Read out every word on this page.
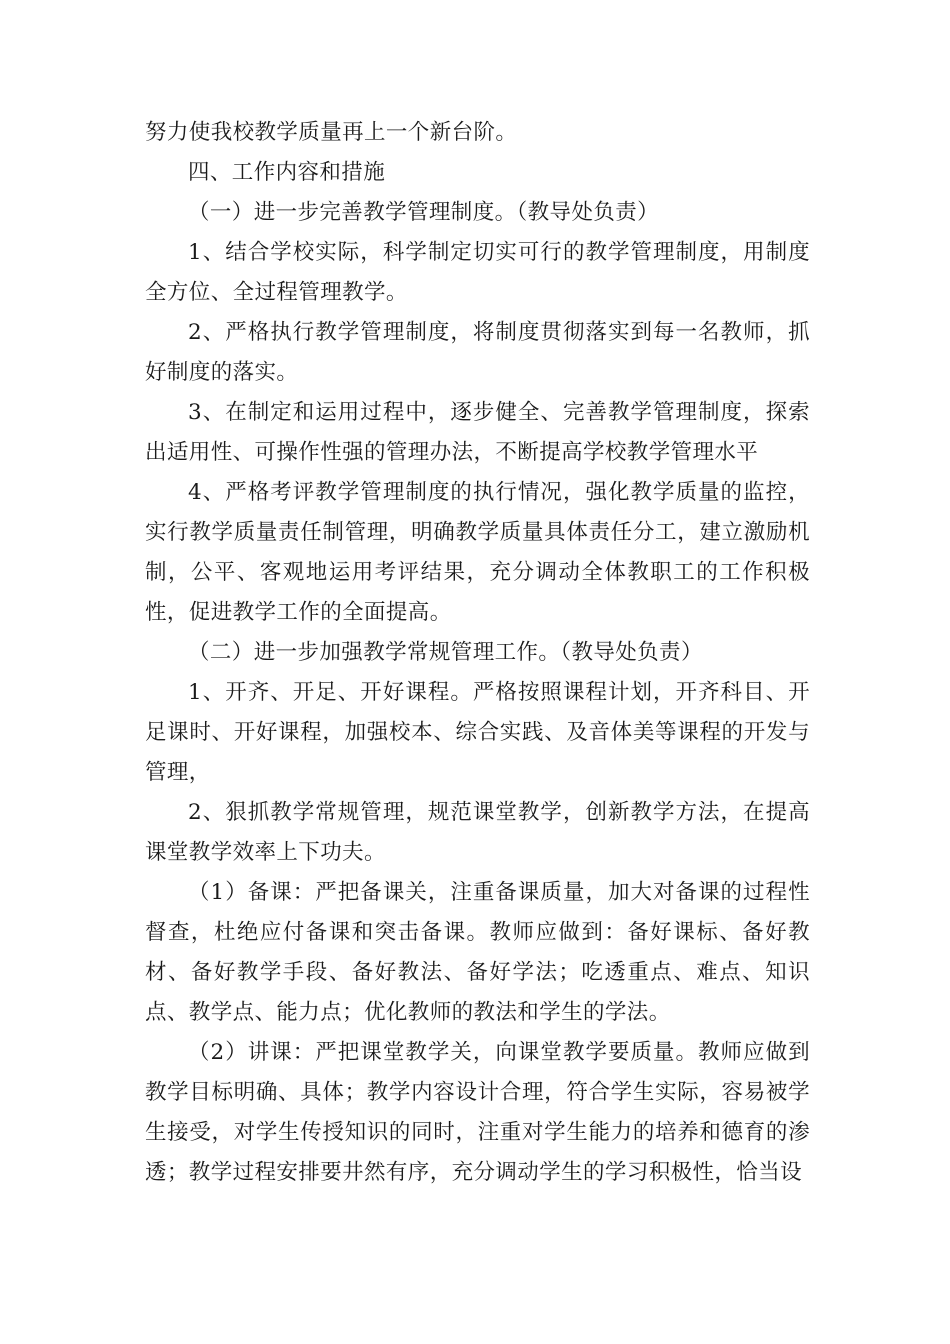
努力使我校教学质量再上一个新台阶。

四、工作内容和措施

（一）进一步完善教学管理制度。（教导处负责）

1、结合学校实际，科学制定切实可行的教学管理制度，用制度全方位、全过程管理教学。

2、严格执行教学管理制度，将制度贯彻落实到每一名教师，抓好制度的落实。

3、在制定和运用过程中，逐步健全、完善教学管理制度，探索出适用性、可操作性强的管理办法，不断提高学校教学管理水平

4、严格考评教学管理制度的执行情况，强化教学质量的监控，实行教学质量责任制管理，明确教学质量具体责任分工，建立激励机制，公平、客观地运用考评结果，充分调动全体教职工的工作积极性，促进教学工作的全面提高。

（二）进一步加强教学常规管理工作。（教导处负责）

1、开齐、开足、开好课程。严格按照课程计划，开齐科目、开足课时、开好课程，加强校本、综合实践、及音体美等课程的开发与管理，

2、狠抓教学常规管理，规范课堂教学，创新教学方法，在提高课堂教学效率上下功夫。

（1）备课：严把备课关，注重备课质量，加大对备课的过程性督查，杜绝应付备课和突击备课。教师应做到：备好课标、备好教材、备好教学手段、备好教法、备好学法；吃透重点、难点、知识点、教学点、能力点；优化教师的教法和学生的学法。

（2）讲课：严把课堂教学关，向课堂教学要质量。教师应做到教学目标明确、具体；教学内容设计合理，符合学生实际，容易被学生接受，对学生传授知识的同时，注重对学生能力的培养和德育的渗透；教学过程安排要井然有序，充分调动学生的学习积极性，恰当设
